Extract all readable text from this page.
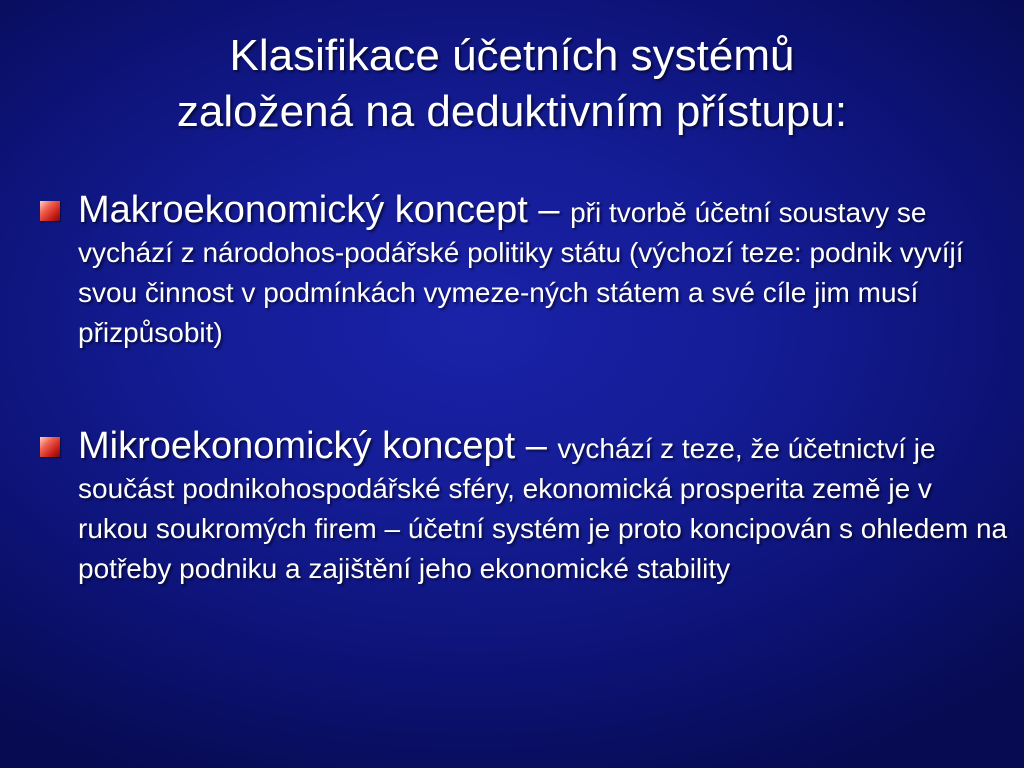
Klasifikace účetních systémů
založená na deduktivním přístupu:

Makroekonomický koncept – při tvorbě účetní soustavy se vychází z národohos-podářské politiky státu (výchozí teze: podnik vyvíjí svou činnost v podmínkách vymeze-ných státem a své cíle jim musí přizpůsobit)

Mikroekonomický koncept – vychází z teze, že účetnictví je součást podnikohospodářské sféry, ekonomická prosperita země je v rukou soukromých firem – účetní systém je proto koncipován s ohledem na potřeby podniku a zajištění jeho ekonomické stability
